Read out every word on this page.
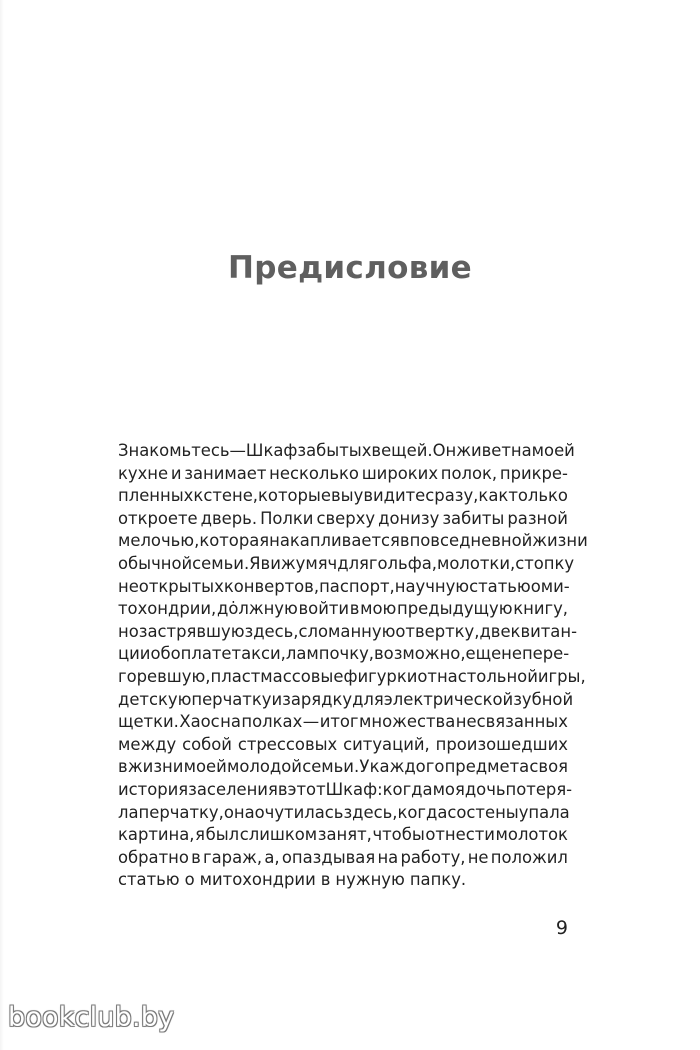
Предисловие
Знакомьтесь — Шкаф забытых вещей. Он живет на моей
кухне и занимает несколько широких полок, прикре-
пленных к стене, которые вы увидите сразу, как только
откроете дверь. Полки сверху донизу забиты разной
мелочью, которая накапливается в повседневной жизни
обычной семьи. Я вижу мяч для гольфа, молотки, стопку
неоткрытых конвертов, паспорт, научную статью о ми-
тохондрии, дȯлжную войти в мою предыдущую книгу,
но застрявшую здесь, сломанную отвертку, две квитан-
ции об оплате такси, лампочку, возможно, еще не пере-
горевшую, пластмассовые фигурки от настольной игры,
детскую перчатку и зарядку для электрической зубной
щетки. Хаос на полках — итог множества несвязанных
между собой стрессовых ситуаций, произошедших
в жизни моей молодой семьи. У каждого предмета своя
история заселения в этот Шкаф: когда моя дочь потеря-
ла перчатку, она очутилась здесь, когда со стены упала
картина, я был слишком занят, чтобы отнести молоток
обратно в гараж, а, опаздывая на работу, не положил
статью о митохондрии в нужную папку.
9
bookclub.by
